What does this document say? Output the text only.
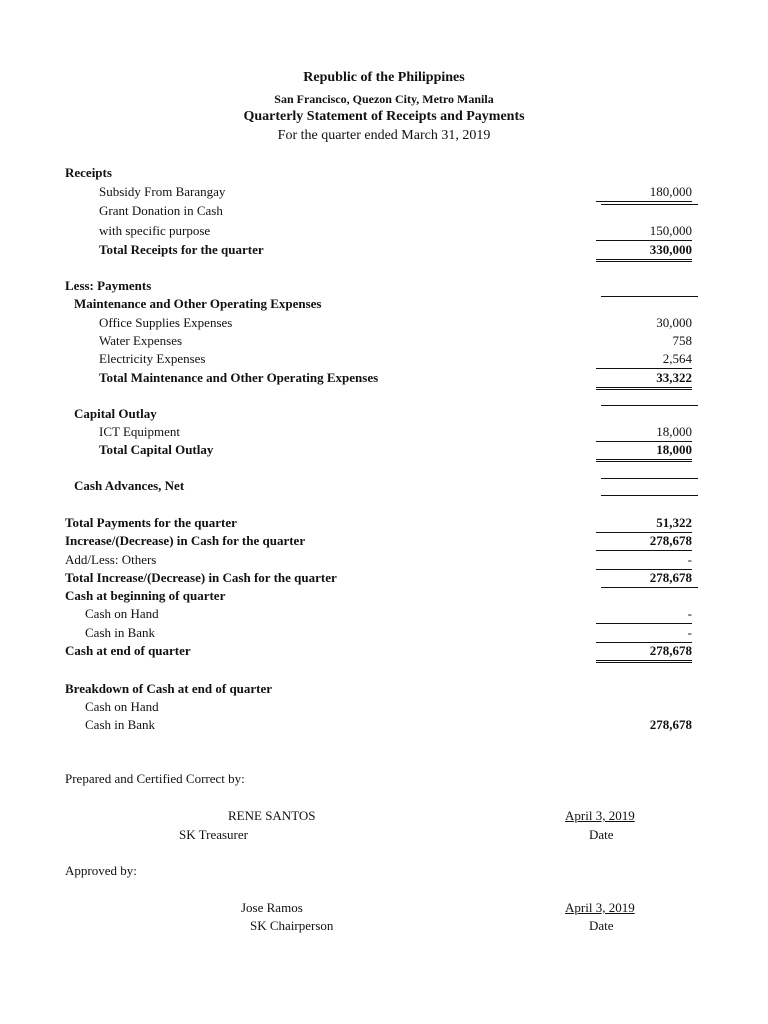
Republic of the Philippines
San Francisco, Quezon City, Metro Manila
Quarterly Statement of Receipts and Payments
For the quarter ended March 31, 2019
Receipts
Subsidy From Barangay	180,000
Grant Donation in Cash
with specific purpose	150,000
Total Receipts for the quarter	330,000
Less: Payments
Maintenance and Other Operating Expenses
Office Supplies Expenses	30,000
Water Expenses	758
Electricity Expenses	2,564
Total Maintenance and Other Operating Expenses	33,322
Capital Outlay
ICT Equipment	18,000
Total Capital Outlay	18,000
Cash Advances, Net
Total Payments for the quarter	51,322
Increase/(Decrease) in Cash for the quarter	278,678
Add/Less: Others	-
Total Increase/(Decrease) in Cash for the quarter	278,678
Cash at beginning of quarter
Cash on Hand	-
Cash in Bank	-
Cash at end of quarter	278,678
Breakdown of Cash at end of quarter
Cash on Hand
Cash in Bank	278,678
Prepared and Certified Correct by:
RENE SANTOS	April 3, 2019
SK Treasurer	Date
Approved by:
Jose Ramos	April 3, 2019
SK Chairperson	Date
